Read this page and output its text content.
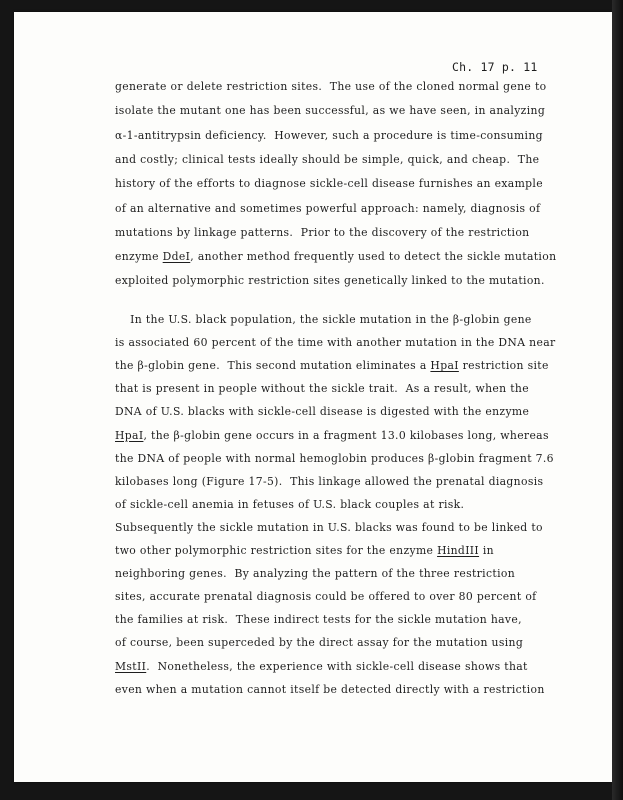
Ch. 17 p. 11
generate or delete restriction sites.  The use of the cloned normal gene to
isolate the mutant one has been successful, as we have seen, in analyzing
α-1-antitrypsin deficiency.  However, such a procedure is time-consuming
and costly; clinical tests ideally should be simple, quick, and cheap.  The
history of the efforts to diagnose sickle-cell disease furnishes an example
of an alternative and sometimes powerful approach: namely, diagnosis of
mutations by linkage patterns.  Prior to the discovery of the restriction
enzyme DdeI, another method frequently used to detect the sickle mutation
exploited polymorphic restriction sites genetically linked to the mutation.
In the U.S. black population, the sickle mutation in the β-globin gene
is associated 60 percent of the time with another mutation in the DNA near
the β-globin gene.  This second mutation eliminates a HpaI restriction site
that is present in people without the sickle trait.  As a result, when the
DNA of U.S. blacks with sickle-cell disease is digested with the enzyme
HpaI, the β-globin gene occurs in a fragment 13.0 kilobases long, whereas
the DNA of people with normal hemoglobin produces β-globin fragment 7.6
kilobases long (Figure 17-5).  This linkage allowed the prenatal diagnosis
of sickle-cell anemia in fetuses of U.S. black couples at risk.
Subsequently the sickle mutation in U.S. blacks was found to be linked to
two other polymorphic restriction sites for the enzyme HindIII in
neighboring genes.  By analyzing the pattern of the three restriction
sites, accurate prenatal diagnosis could be offered to over 80 percent of
the families at risk.  These indirect tests for the sickle mutation have,
of course, been superceded by the direct assay for the mutation using
MstII.  Nonetheless, the experience with sickle-cell disease shows that
even when a mutation cannot itself be detected directly with a restriction
